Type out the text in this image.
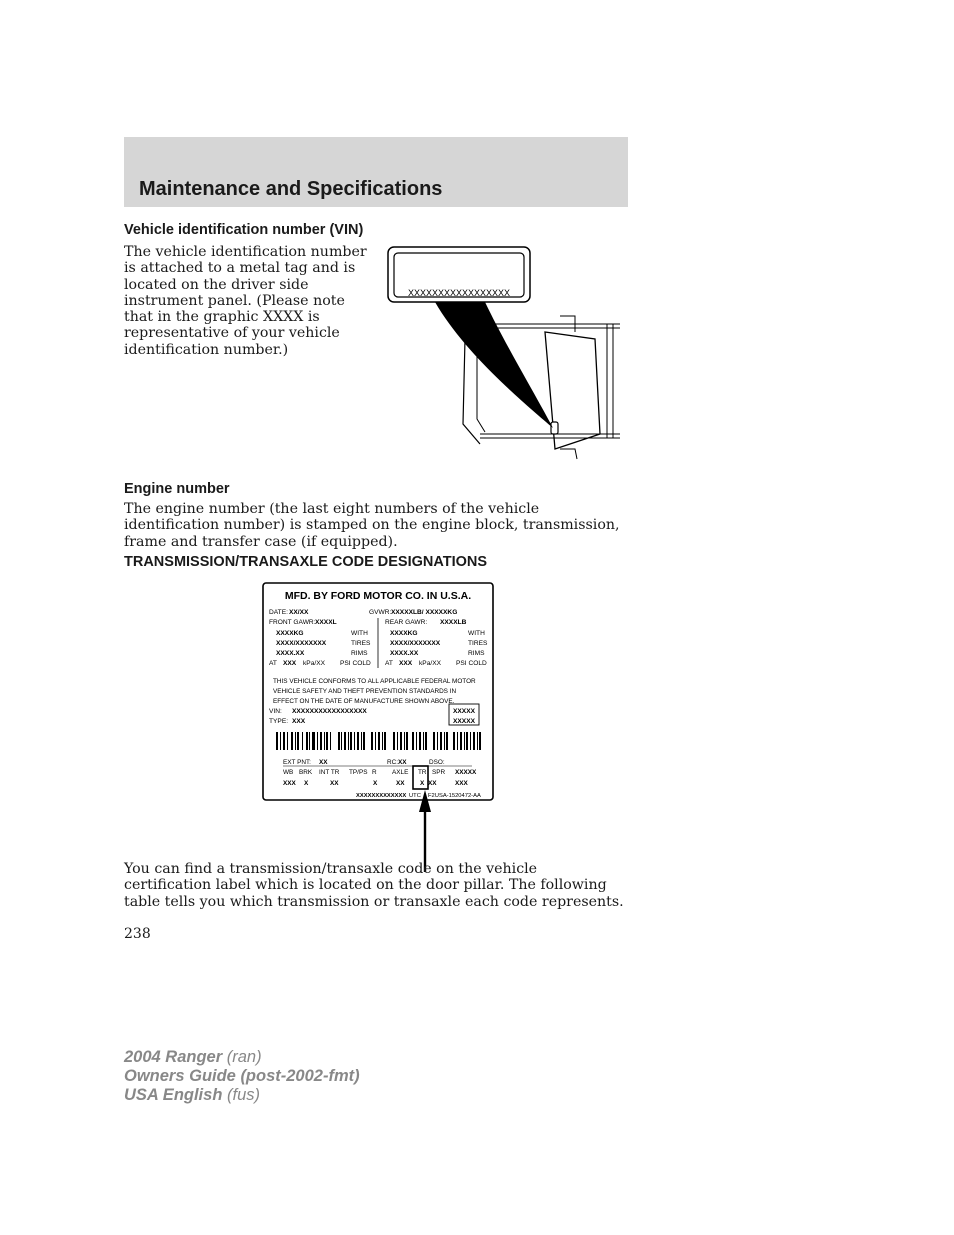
Maintenance and Specifications
Vehicle identification number (VIN)
The vehicle identification number is attached to a metal tag and is located on the driver side instrument panel. (Please note that in the graphic XXXX is representative of your vehicle identification number.)
XXXXXXXXXXXXXXXXX
Engine number
The engine number (the last eight numbers of the vehicle identification number) is stamped on the engine block, transmission, frame and transfer case (if equipped).
TRANSMISSION/TRANSAXLE CODE DESIGNATIONS
MFD. BY FORD MOTOR CO. IN U.S.A.
DATE: XX/XX	GVWR: XXXXXLB/ XXXXXKG
FRONT GAWR: XXXXL	REAR GAWR: XXXXLB
XXXXKG	WITH	XXXXKG	WITH
XXXX/XXXXXXX	TIRES	XXXX/XXXXXXX	TIRES
XXXX.XX	RIMS	XXXX.XX	RIMS
AT XXX kPa/XX PSI COLD AT XXX kPa/XX PSI COLD
THIS VEHICLE CONFORMS TO ALL APPLICABLE FEDERAL MOTOR
VEHICLE SAFETY AND THEFT PREVENTION STANDARDS IN
EFFECT ON THE DATE OF MANUFACTURE SHOWN ABOVE.
VIN: XXXXXXXXXXXXXXXXX
TYPE: XXX
XXXXX
XXXXX
EXT PNT: XX	RC: XX	DSO:
WB BRK INT TR TP/PS R AXLE TR SPR
XXX X	XX	X	XX X XX
XXXXX
XXX
XXXXXXXXXXXXX UTC F2USA-1520472-AA
You can find a transmission/transaxle code on the vehicle certification label which is located on the door pillar. The following table tells you which transmission or transaxle each code represents.
238
2004 Ranger (ran)
Owners Guide (post-2002-fmt)
USA English (fus)
